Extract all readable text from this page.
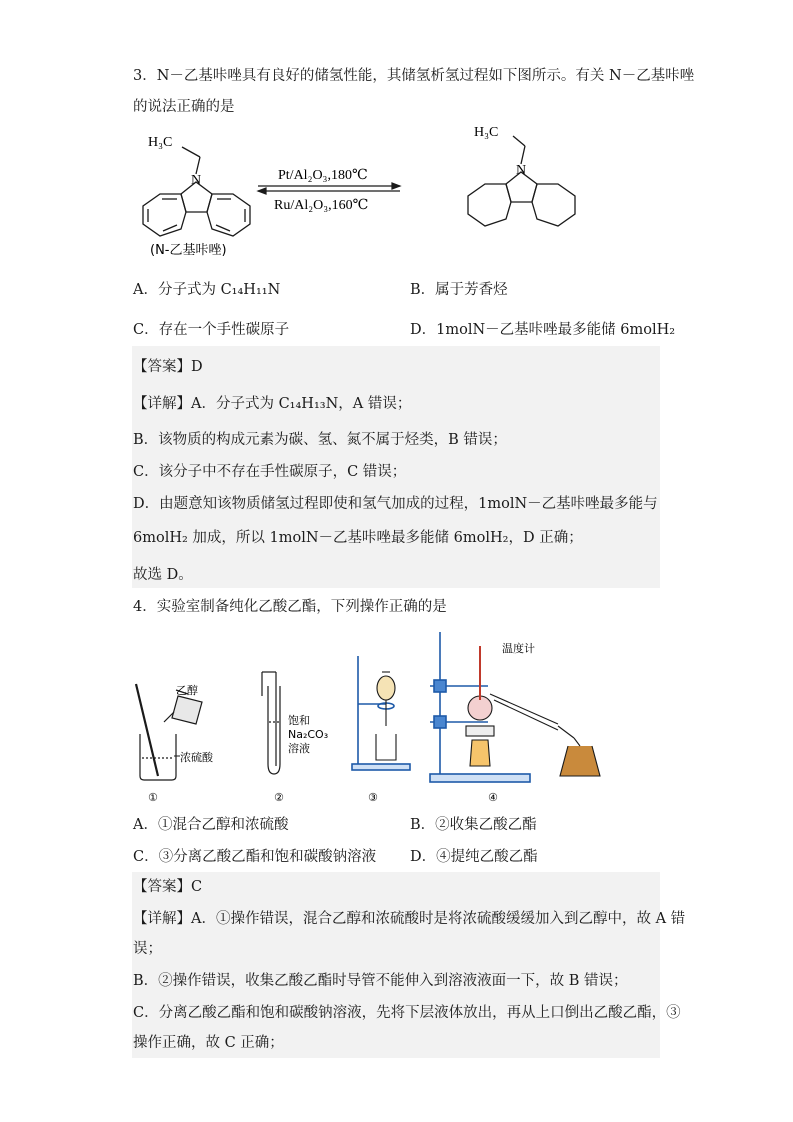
3．N－乙基咔唑具有良好的储氢性能，其储氢析氢过程如下图所示。有关 N－乙基咔唑
的说法正确的是
H₃C
N
(N-乙基咔唑)
Pt/Al₂O₃,180℃
Ru/Al₂O₃,160℃
H₃C
N
A．分子式为 C₁₄H₁₁N	B．属于芳香烃
C．存在一个手性碳原子	D．1molN－乙基咔唑最多能储 6molH₂
【答案】D
【详解】A．分子式为 C₁₄H₁₃N，A 错误；
B．该物质的构成元素为碳、氢、氮不属于烃类，B 错误；
C．该分子中不存在手性碳原子，C 错误；
D．由题意知该物质储氢过程即使和氢气加成的过程，1molN－乙基咔唑最多能与
6molH₂ 加成，所以 1molN－乙基咔唑最多能储 6molH₂，D 正确；
故选 D。
4．实验室制备纯化乙酸乙酯，下列操作正确的是
乙醇
浓硫酸
①
饱和
Na₂CO₃
溶液
②	③
温度计
④
A．①混合乙醇和浓硫酸	B．②收集乙酸乙酯
C．③分离乙酸乙酯和饱和碳酸钠溶液 D．④提纯乙酸乙酯
【答案】C
【详解】A．①操作错误，混合乙醇和浓硫酸时是将浓硫酸缓缓加入到乙醇中，故 A 错
误；
B．②操作错误，收集乙酸乙酯时导管不能伸入到溶液液面一下，故 B 错误；
C．分离乙酸乙酯和饱和碳酸钠溶液，先将下层液体放出，再从上口倒出乙酸乙酯，③
操作正确，故 C 正确；
